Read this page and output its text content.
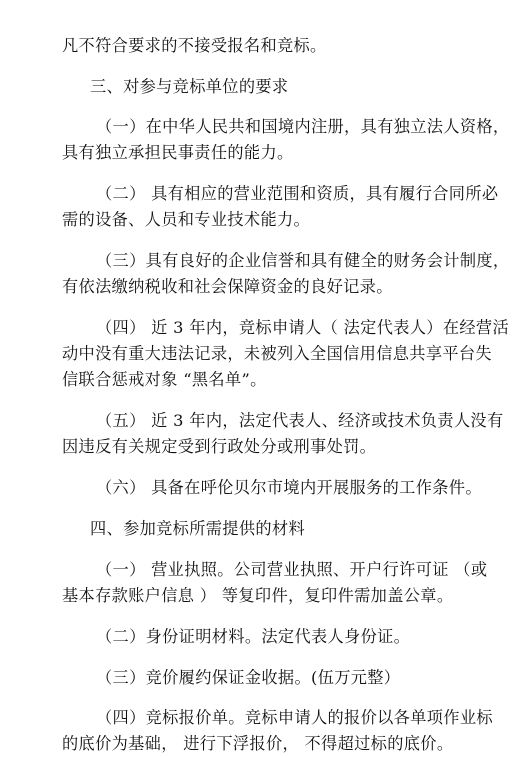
凡不符合要求的不接受报名和竞标。
三、对参与竞标单位的要求
（一）在中华人民共和国境内注册，具有独立法人资格，
具有独立承担民事责任的能力。
（二） 具有相应的营业范围和资质，具有履行合同所必
需的设备、人员和专业技术能力。
（三）具有良好的企业信誉和具有健全的财务会计制度，
有依法缴纳税收和社会保障资金的良好记录。
（四） 近 3 年内，竞标申请人（ 法定代表人）在经营活
动中没有重大违法记录，未被列入全国信用信息共享平台失
信联合惩戒对象 “黑名单”。
（五） 近 3 年内，法定代表人、经济或技术负责人没有
因违反有关规定受到行政处分或刑事处罚。
（六） 具备在呼伦贝尔市境内开展服务的工作条件。
四、参加竞标所需提供的材料
（一） 营业执照。公司营业执照、开户行许可证 （或
基本存款账户信息 ） 等复印件，复印件需加盖公章。
（二）身份证明材料。法定代表人身份证。
（三）竞价履约保证金收据。(伍万元整）
（四）竞标报价单。竞标申请人的报价以各单项作业标
的底价为基础， 进行下浮报价， 不得超过标的底价。
